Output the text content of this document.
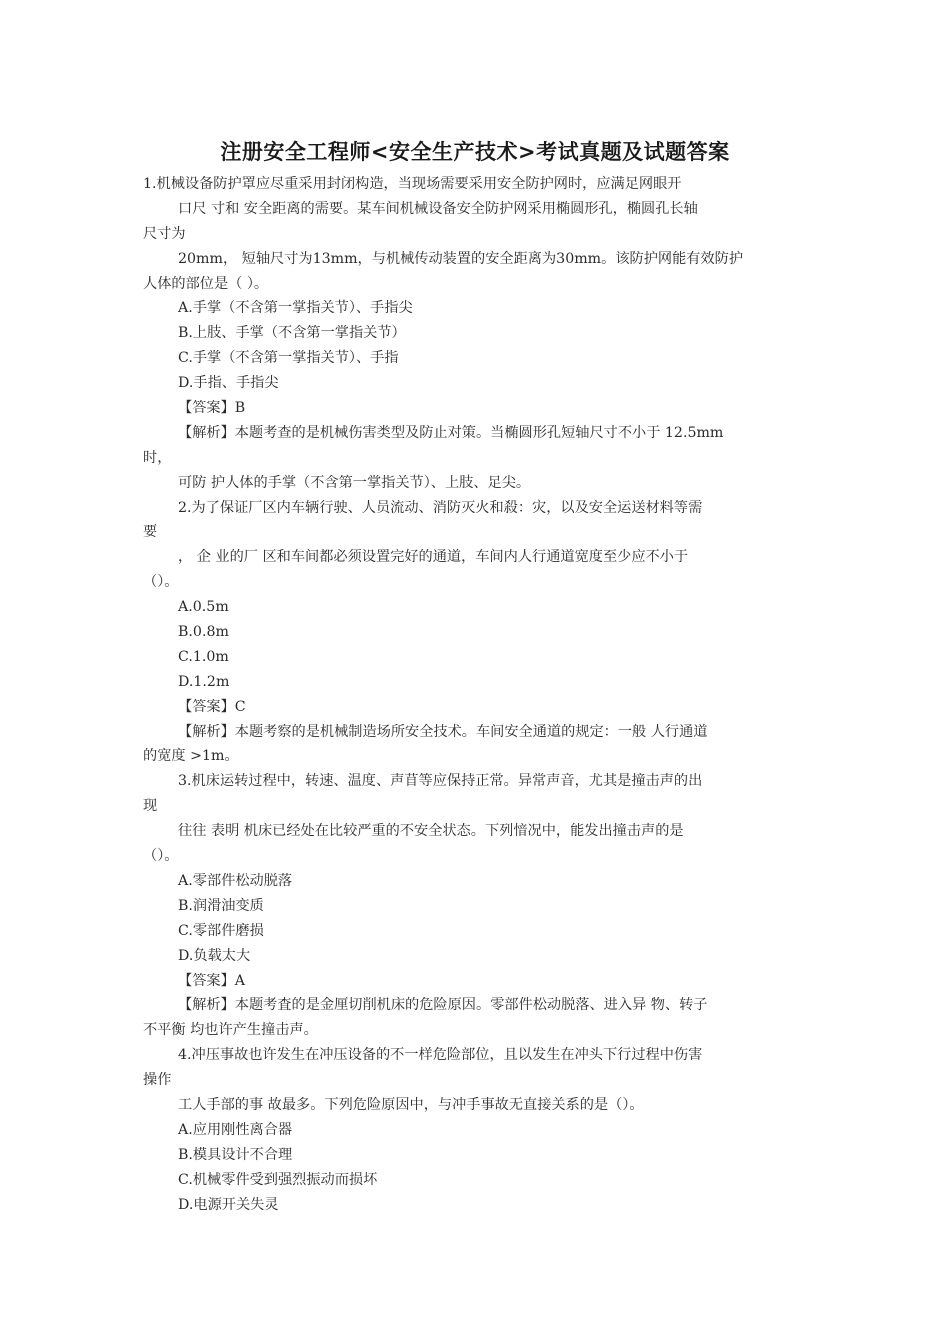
注册安全工程师<安全生产技术>考试真题及试题答案
1.机械设备防护罩应尽重采用封闭构造，当现场需要采用安全防护网时，应满足网眼开
口尺 寸和 安全距离的需要。某车间机械设备安全防护网采用椭圆形孔，椭圆孔长轴
尺寸为
20mm， 短轴尺寸为13mm，与机械传动装置的安全距离为30mm。该防护网能有效防护
人体的部位是（ ）。
A.手掌（不含第一掌指关节）、手指尖
B.上肢、手掌（不含第一掌指关节）
C.手掌（不含第一掌指关节）、手指
D.手指、手指尖
【答案】B
【解析】本题考查的是机械伤害类型及防止对策。当椭圆形孔短轴尺寸不小于 12.5mm
时，
可防 护人体的手掌（不含第一掌指关节）、上肢、足尖。
2.为了保证厂区内车辆行驶、人员流动、消防灭火和殺：灾，以及安全运送材料等需
要
， 企 业的厂 区和车间都必须设置完好的通道，车间内人行通道宽度至少应不小于
（）。
A.0.5m
B.0.8m
C.1.0m
D.1.2m
【答案】C
【解析】本题考察的是机械制造场所安全技术。车间安全通道的规定：一般 人行通道
的宽度 >1m。
3.机床运转过程中，转速、温度、声苜等应保持正常。异常声音，尤其是撞击声的出
现
往往 表明 机床已经处在比较严重的不安全状态。下列愔况中，能发出撞击声的是
（）。
A.零部件松动脱落
B.润滑油变质
C.零部件磨损
D.负载太大
【答案】A
【解析】本题考査的是金厘切削机床的危险原因。零部件松动脱落、进入异 物、转子
不平衡 均也许产生撞击声。
4.冲压事故也许发生在冲压设备的不一样危险部位，且以发生在冲头下行过程中伤害
操作
工人手部的事 故最多。下列危险原因中，与冲手事故无直接关系的是（）。
A.应用刚性离合器
B.模具设计不合理
C.机械零件受到强烈振动而损坏
D.电源开关失灵
